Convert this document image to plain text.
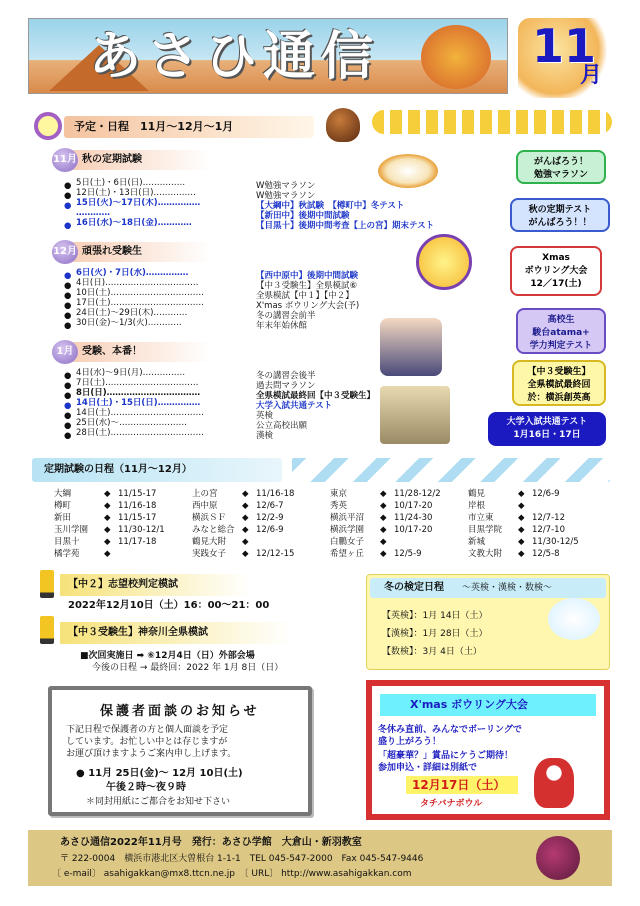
あさひ通信	11
月
予定・日程　11月〜12月〜1月
秋の定期試験
11月
● 5日(土)・6日(日)……………	W勉強マラソン
● 12日(土)・13日(日)……………	W勉強マラソン
● 15日(火)〜17日(木)……………	【大綱中】秋試験　【樽町中】冬テスト
…………	【新田中】後期中間試験
● 16日(水)〜18日(金)…………	【目黒十】後期中間考査【上の宮】期末テスト
頑張れ受験生
12月
● 6日(火)・7日(水)……………	【西中原中】後期中間試験
● 4日(日)……………………………	【中３受験生】全県模試⑥
● 10日(土)……………………………	全県模試【中１】【中２】
● 17日(土)……………………………	X'mas ボウリング大会(予)
● 24日(土)〜29日(木)…………	冬の講習会前半
● 30日(金)〜1/3(火)…………	年末年始休館
受験、本番！
1月
● 4日(水)〜9日(月)……………	冬の講習会後半
● 7日(土)……………………………	過去問マラソン
● 8日(日)……………………………	全県模試最終回【中３受験生】
● 14日(土)・15日(日)……………	大学入試共通テスト
● 14日(土)……………………………	英検
● 25日(水)〜……………………	公立高校出願
● 28日(土)……………………………	漢検
がんばろう！
勉強マラソン
秋の定期テスト
がんばろう！！
Xmas
ボウリング大会
12／17(土)
高校生
駿台atama+
学力判定テスト
【中３受験生】
全県模試最終回
於：横浜創英高
大学入試共通テスト
1月16日・17日
定期試験の日程（11月〜12月）
大綱	◆ 11/15-17
樽町	◆ 11/16-18
新田	◆ 11/15-17
玉川学園 ◆ 11/30-12/1
目黒十	◆ 11/17-18
橘学苑	◆
上の宮	◆ 11/16-18
西中原	◆ 12/6-7
横浜ＳＦ ◆ 12/2-9
みなと総合 ◆ 12/6-9
鶴見大附 ◆
実践女子 ◆ 12/12-15
東京	◆ 11/28-12/2
秀英	◆ 10/17-20
横浜平沼 ◆ 11/24-30
横浜学園 ◆ 10/17-20
白鵬女子 ◆
希望ヶ丘 ◆ 12/5-9
鶴見	◆ 12/6-9
岸根	◆
市立東	◆ 12/7-12
目黒学院 ◆ 12/7-10
新城	◆ 11/30-12/5
文教大附 ◆ 12/5-8
【中２】志望校判定模試
2022年12月10日（土）16：00〜21：00
【中３受験生】神奈川全県模試
■次回実施日 ➡ ⑥12月4日（日）外部会場
今後の日程 → 最終回：2022 年 1月 8日（日）
冬の検定日程 〜英検・漢検・数検〜
【英検】：1月 14日（土）
【漢検】：1月 28日（土）
【数検】：3月 4日（土）
保護者面談のお知らせ
下記日程で保護者の方と個人面談を予定
しています。お忙しい中とは存じますが
お運び頂けますようご案内申し上げます。
● 11月 25日(金)〜 12月 10日(土)
午後２時〜夜９時
＊同封用紙にご都合をお知せ下さい
X'mas ボウリング大会
冬休み直前、みんなでボーリングで
盛り上がろう！
「超豪華？」賞品にケうご期待！
参加申込・詳細は別紙で
12月17日（土）
タチバナボウル
あさひ通信2022年11月号　発行：あさひ学館　大倉山・新羽教室
〒 222-0004　横浜市港北区大曽根台 1-1-1　TEL 045-547-2000　Fax 045-547-9446
〔 e-mail〕 asahigakkan@mx8.ttcn.ne.jp　〔 URL〕 http://www.asahigakkan.com
